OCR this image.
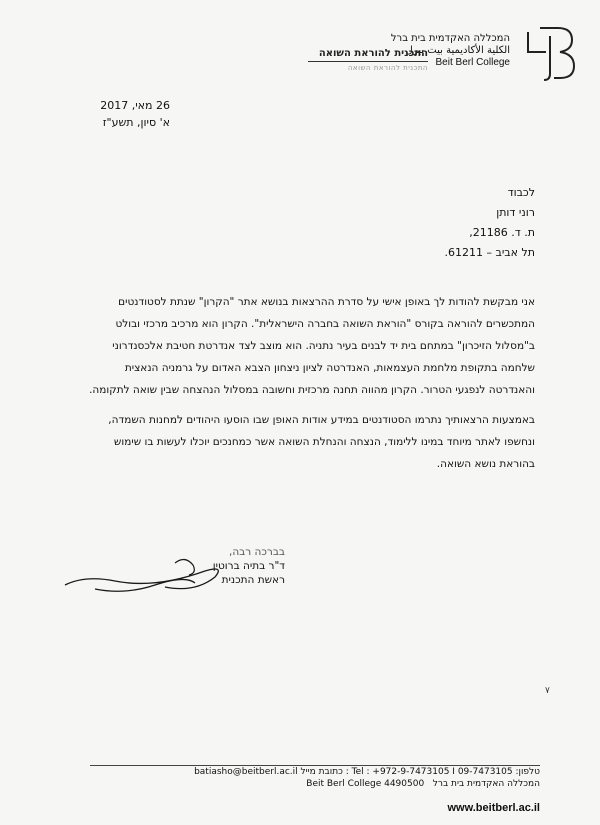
המכללה האקדמית בית ברל
الكلية الأكاديمية بيت بيرل
Beit Berl College
התכנית להוראת השואה
התכנית להוראת השואה
26 מאי, 2017
א' סיון, תשע"ז
לכבוד
רוני דותן
ת. ד. 21186,
תל אביב – 61211.

אני מבקשת להודות לך באופן אישי על סדרת ההרצאות בנושא אתר "הקרון" שנתת לסטודנטים המתכשרים להוראה בקורס "הוראת השואה בחברה הישראלית". הקרון הוא מרכיב מרכזי ובולט ב"מסלול הזיכרון" במתחם בית יד לבנים בעיר נתניה. הוא מוצב לצד אנדרטת חטיבת אלכסנדרוני שלחמה בתקופת מלחמת העצמאות, האנדרטה לציון ניצחון הצבא האדום על גרמניה הנאצית והאנדרטה לנפגעי הטרור. הקרון מהווה תחנה מרכזית וחשובה במסלול הנהצחה שבין שואה לתקומה.

באמצעות הרצאותיך נתרמו הסטודנטים במידע אודות האופן שבו הוסעו היהודים למחנות השמדה, ונחשפו לאתר מיוחד במינו ללימוד, הנצחה והנחלת השואה אשר כמחנכים יוכלו לעשות בו שימוש בהוראת נושא השואה.

בברכה רבה,
ד"ר בתיה ברוטין
ראשת התכנית
٧
batiasho@beitberl.ac.il
כתובת מייל : Tel : +972-9-7473105 I 09-7473105
טלפון:
Beit Berl College 4490500
המכללה האקדמית בית ברל
www.beitberl.ac.il
